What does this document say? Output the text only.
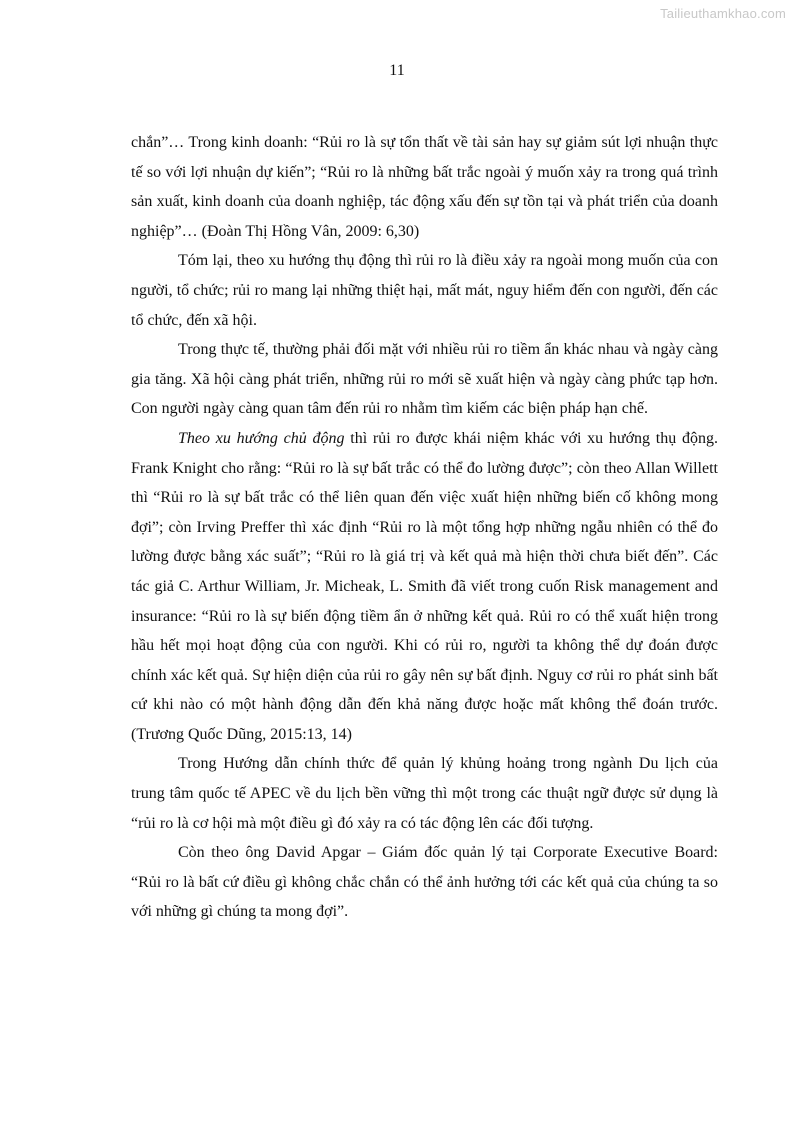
Tailieuthamkhao.com
11

chắn”… Trong kinh doanh: “Rủi ro là sự tổn thất về tài sản hay sự giảm sút lợi nhuận thực tế so với lợi nhuận dự kiến”; “Rủi ro là những bất trắc ngoài ý muốn xảy ra trong quá trình sản xuất, kinh doanh của doanh nghiệp, tác động xấu đến sự tồn tại và phát triển của doanh nghiệp”… (Đoàn Thị Hồng Vân, 2009: 6,30)

Tóm lại, theo xu hướng thụ động thì rủi ro là điều xảy ra ngoài mong muốn của con người, tổ chức; rủi ro mang lại những thiệt hại, mất mát, nguy hiểm đến con người, đến các tổ chức, đến xã hội.

Trong thực tế, thường phải đối mặt với nhiều rủi ro tiềm ẩn khác nhau và ngày càng gia tăng. Xã hội càng phát triển, những rủi ro mới sẽ xuất hiện và ngày càng phức tạp hơn. Con người ngày càng quan tâm đến rủi ro nhằm tìm kiếm các biện pháp hạn chế.

Theo xu hướng chủ động thì rủi ro được khái niệm khác với xu hướng thụ động. Frank Knight cho rằng: “Rủi ro là sự bất trắc có thể đo lường được”; còn theo Allan Willett thì “Rủi ro là sự bất trắc có thể liên quan đến việc xuất hiện những biến cố không mong đợi”; còn Irving Preffer thì xác định “Rủi ro là một tổng hợp những ngẫu nhiên có thể đo lường được bằng xác suất”; “Rủi ro là giá trị và kết quả mà hiện thời chưa biết đến”. Các tác giả C. Arthur William, Jr. Micheak, L. Smith đã viết trong cuốn Risk management and insurance: “Rủi ro là sự biến động tiềm ẩn ở những kết quả. Rủi ro có thể xuất hiện trong hầu hết mọi hoạt động của con người. Khi có rủi ro, người ta không thể dự đoán được chính xác kết quả. Sự hiện diện của rủi ro gây nên sự bất định. Nguy cơ rủi ro phát sinh bất cứ khi nào có một hành động dẫn đến khả năng được hoặc mất không thể đoán trước. (Trương Quốc Dũng, 2015:13, 14)

Trong Hướng dẫn chính thức để quản lý khủng hoảng trong ngành Du lịch của trung tâm quốc tế APEC về du lịch bền vững thì một trong các thuật ngữ được sử dụng là “rủi ro là cơ hội mà một điều gì đó xảy ra có tác động lên các đối tượng.

Còn theo ông David Apgar – Giám đốc quản lý tại Corporate Executive Board: “Rủi ro là bất cứ điều gì không chắc chắn có thể ảnh hưởng tới các kết quả của chúng ta so với những gì chúng ta mong đợi”.
